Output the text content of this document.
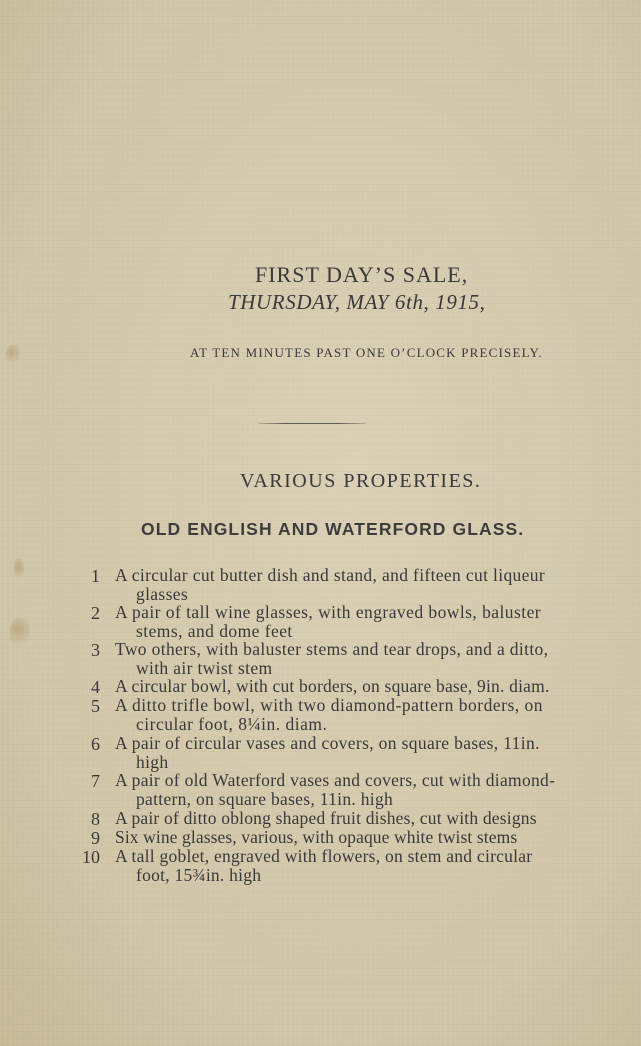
FIRST DAY’S SALE,
THURSDAY, MAY 6th, 1915,
AT TEN MINUTES PAST ONE O’CLOCK PRECISELY.
VARIOUS PROPERTIES.
OLD ENGLISH AND WATERFORD GLASS.
1 A circular cut butter dish and stand, and fifteen cut liqueur
glasses
2 A pair of tall wine glasses, with engraved bowls, baluster
stems, and dome feet
3 Two others, with baluster stems and tear drops, and a ditto,
with air twist stem
4 A circular bowl, with cut borders, on square base, 9in. diam.
5 A ditto trifle bowl, with two diamond-pattern borders, on
circular foot, 8¼in. diam.
6 A pair of circular vases and covers, on square bases, 11in.
high
7 A pair of old Waterford vases and covers, cut with diamond-
pattern, on square bases, 11in. high
8 A pair of ditto oblong shaped fruit dishes, cut with designs
9 Six wine glasses, various, with opaque white twist stems
10 A tall goblet, engraved with flowers, on stem and circular
foot, 15¾in. high
